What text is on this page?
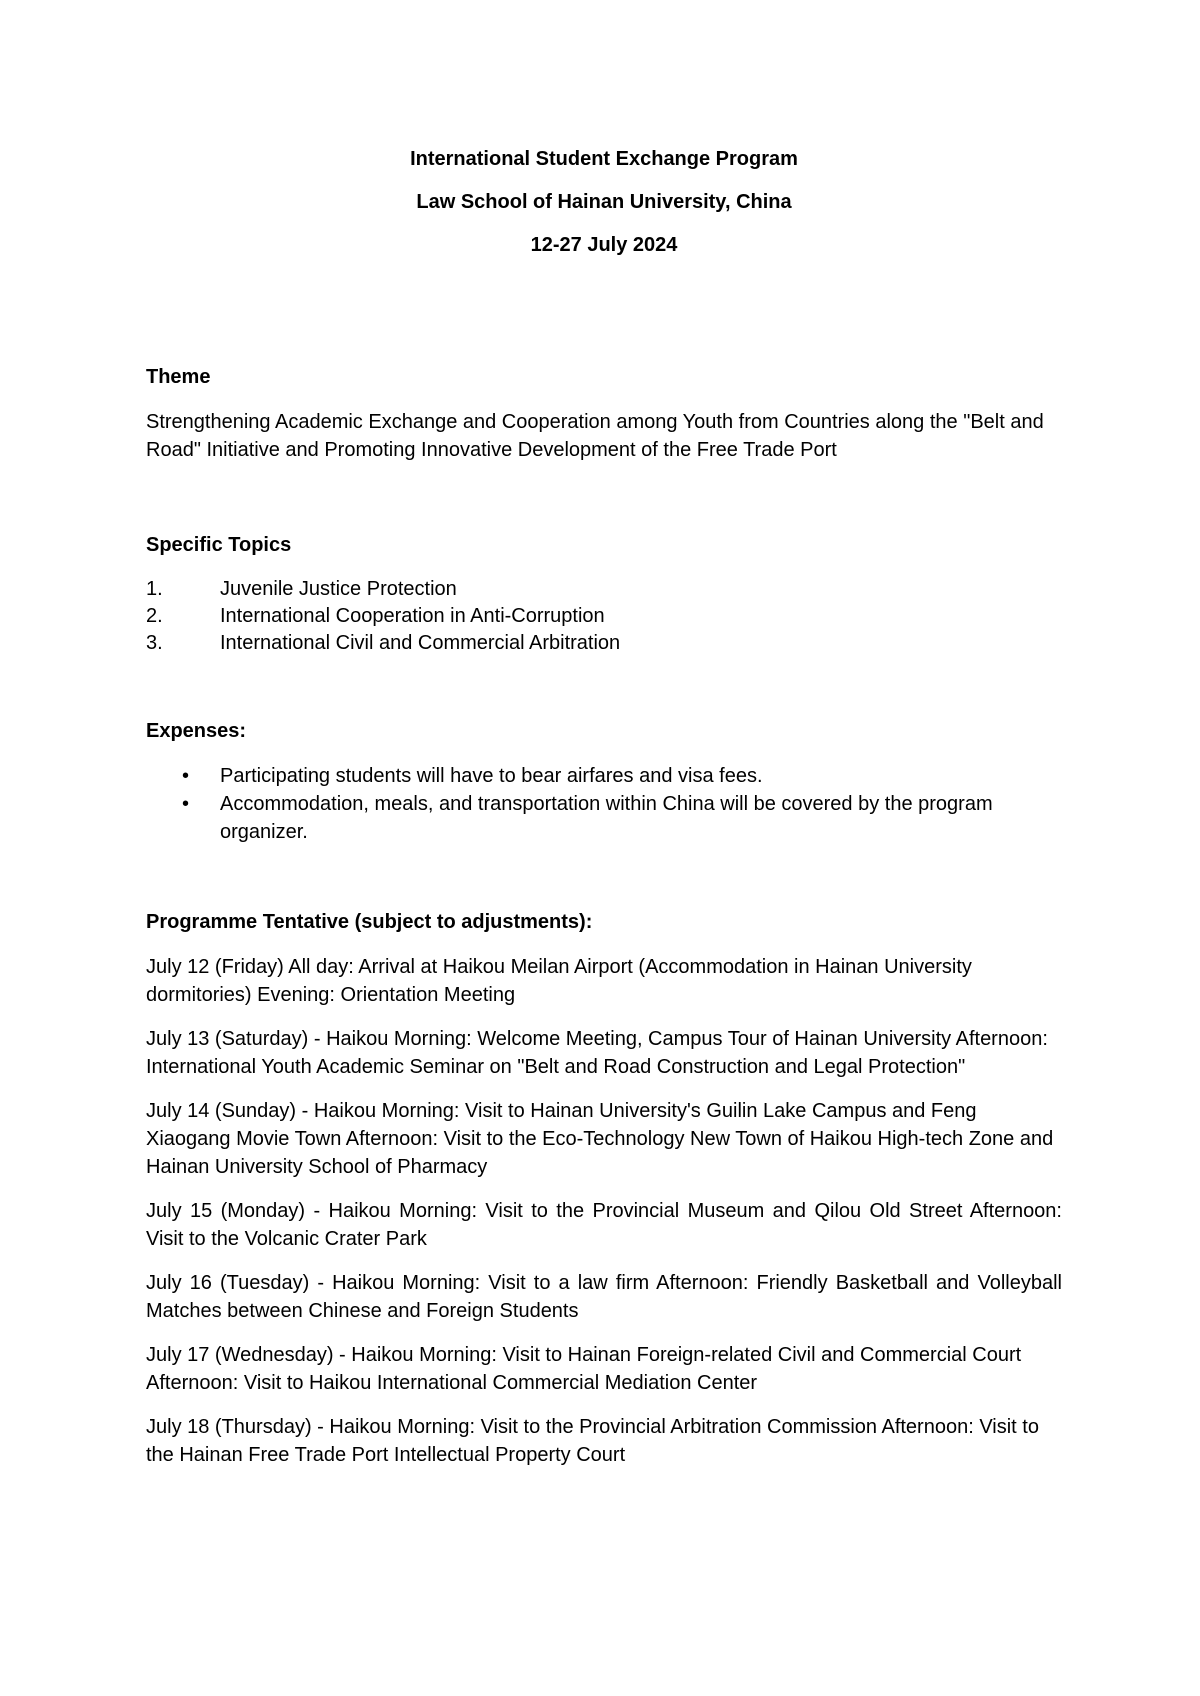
International Student Exchange Program

Law School of Hainan University, China

12-27 July 2024

Theme

Strengthening Academic Exchange and Cooperation among Youth from Countries along the "Belt and Road" Initiative and Promoting Innovative Development of the Free Trade Port

Specific Topics

1.	Juvenile Justice Protection
2.	International Cooperation in Anti-Corruption
3.	International Civil and Commercial Arbitration

Expenses:

•	Participating students will have to bear airfares and visa fees.
•	Accommodation, meals, and transportation within China will be covered by the program organizer.

Programme Tentative (subject to adjustments):

July 12 (Friday) All day: Arrival at Haikou Meilan Airport (Accommodation in Hainan University dormitories) Evening: Orientation Meeting

July 13 (Saturday) - Haikou Morning: Welcome Meeting, Campus Tour of Hainan University Afternoon: International Youth Academic Seminar on "Belt and Road Construction and Legal Protection"

July 14 (Sunday) - Haikou Morning: Visit to Hainan University's Guilin Lake Campus and Feng Xiaogang Movie Town Afternoon: Visit to the Eco-Technology New Town of Haikou High-tech Zone and Hainan University School of Pharmacy

July 15 (Monday) - Haikou Morning: Visit to the Provincial Museum and Qilou Old Street Afternoon: Visit to the Volcanic Crater Park

July 16 (Tuesday) - Haikou Morning: Visit to a law firm Afternoon: Friendly Basketball and Volleyball Matches between Chinese and Foreign Students

July 17 (Wednesday) - Haikou Morning: Visit to Hainan Foreign-related Civil and Commercial Court Afternoon: Visit to Haikou International Commercial Mediation Center

July 18 (Thursday) - Haikou Morning: Visit to the Provincial Arbitration Commission Afternoon: Visit to the Hainan Free Trade Port Intellectual Property Court
